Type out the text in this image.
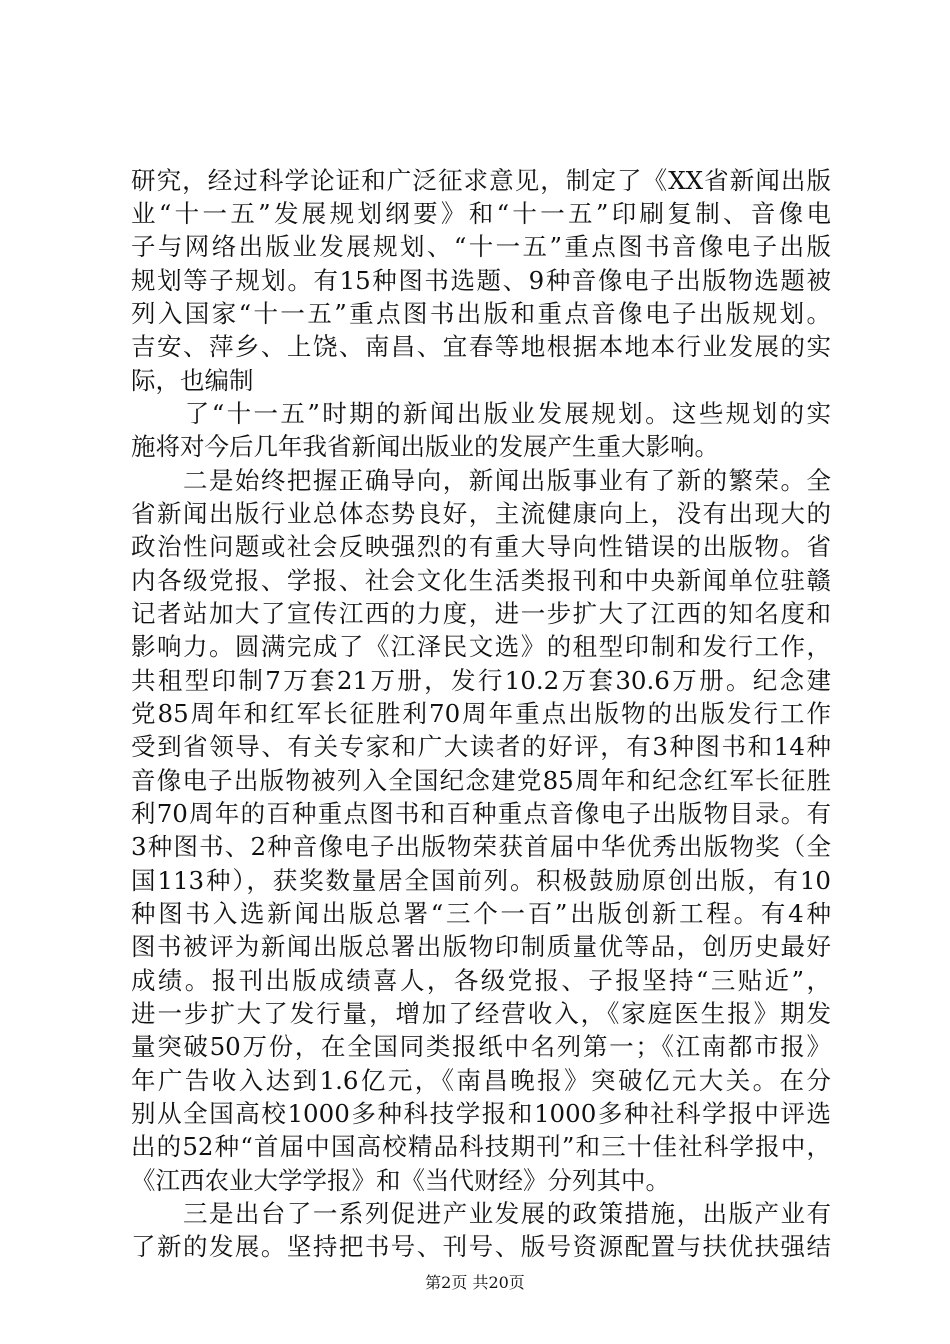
研究，经过科学论证和广泛征求意见，制定了《XX省新闻出版
业“十一五”发展规划纲要》和“十一五”印刷复制、音像电
子与网络出版业发展规划、“十一五”重点图书音像电子出版
规划等子规划。有15种图书选题、9种音像电子出版物选题被
列入国家“十一五”重点图书出版和重点音像电子出版规划。
吉安、萍乡、上饶、南昌、宜春等地根据本地本行业发展的实
际，也编制
　　了“十一五”时期的新闻出版业发展规划。这些规划的实
施将对今后几年我省新闻出版业的发展产生重大影响。
　　二是始终把握正确导向，新闻出版事业有了新的繁荣。全
省新闻出版行业总体态势良好，主流健康向上，没有出现大的
政治性问题或社会反映强烈的有重大导向性错误的出版物。省
内各级党报、学报、社会文化生活类报刊和中央新闻单位驻赣
记者站加大了宣传江西的力度，进一步扩大了江西的知名度和
影响力。圆满完成了《江泽民文选》的租型印制和发行工作，
共租型印制7万套21万册，发行10.2万套30.6万册。纪念建
党85周年和红军长征胜利70周年重点出版物的出版发行工作
受到省领导、有关专家和广大读者的好评，有3种图书和14种
音像电子出版物被列入全国纪念建党85周年和纪念红军长征胜
利70周年的百种重点图书和百种重点音像电子出版物目录。有
3种图书、2种音像电子出版物荣获首届中华优秀出版物奖（全
国113种），获奖数量居全国前列。积极鼓励原创出版，有10
种图书入选新闻出版总署“三个一百”出版创新工程。有4种
图书被评为新闻出版总署出版物印制质量优等品，创历史最好
成绩。报刊出版成绩喜人，各级党报、子报坚持“三贴近”，
进一步扩大了发行量，增加了经营收入，《家庭医生报》期发
量突破50万份，在全国同类报纸中名列第一；《江南都市报》
年广告收入达到1.6亿元，《南昌晚报》突破亿元大关。在分
别从全国高校1000多种科技学报和1000多种社科学报中评选
出的52种“首届中国高校精品科技期刊”和三十佳社科学报中，
《江西农业大学学报》和《当代财经》分列其中。
　　三是出台了一系列促进产业发展的政策措施，出版产业有
了新的发展。坚持把书号、刊号、版号资源配置与扶优扶强结
第2页 共20页
